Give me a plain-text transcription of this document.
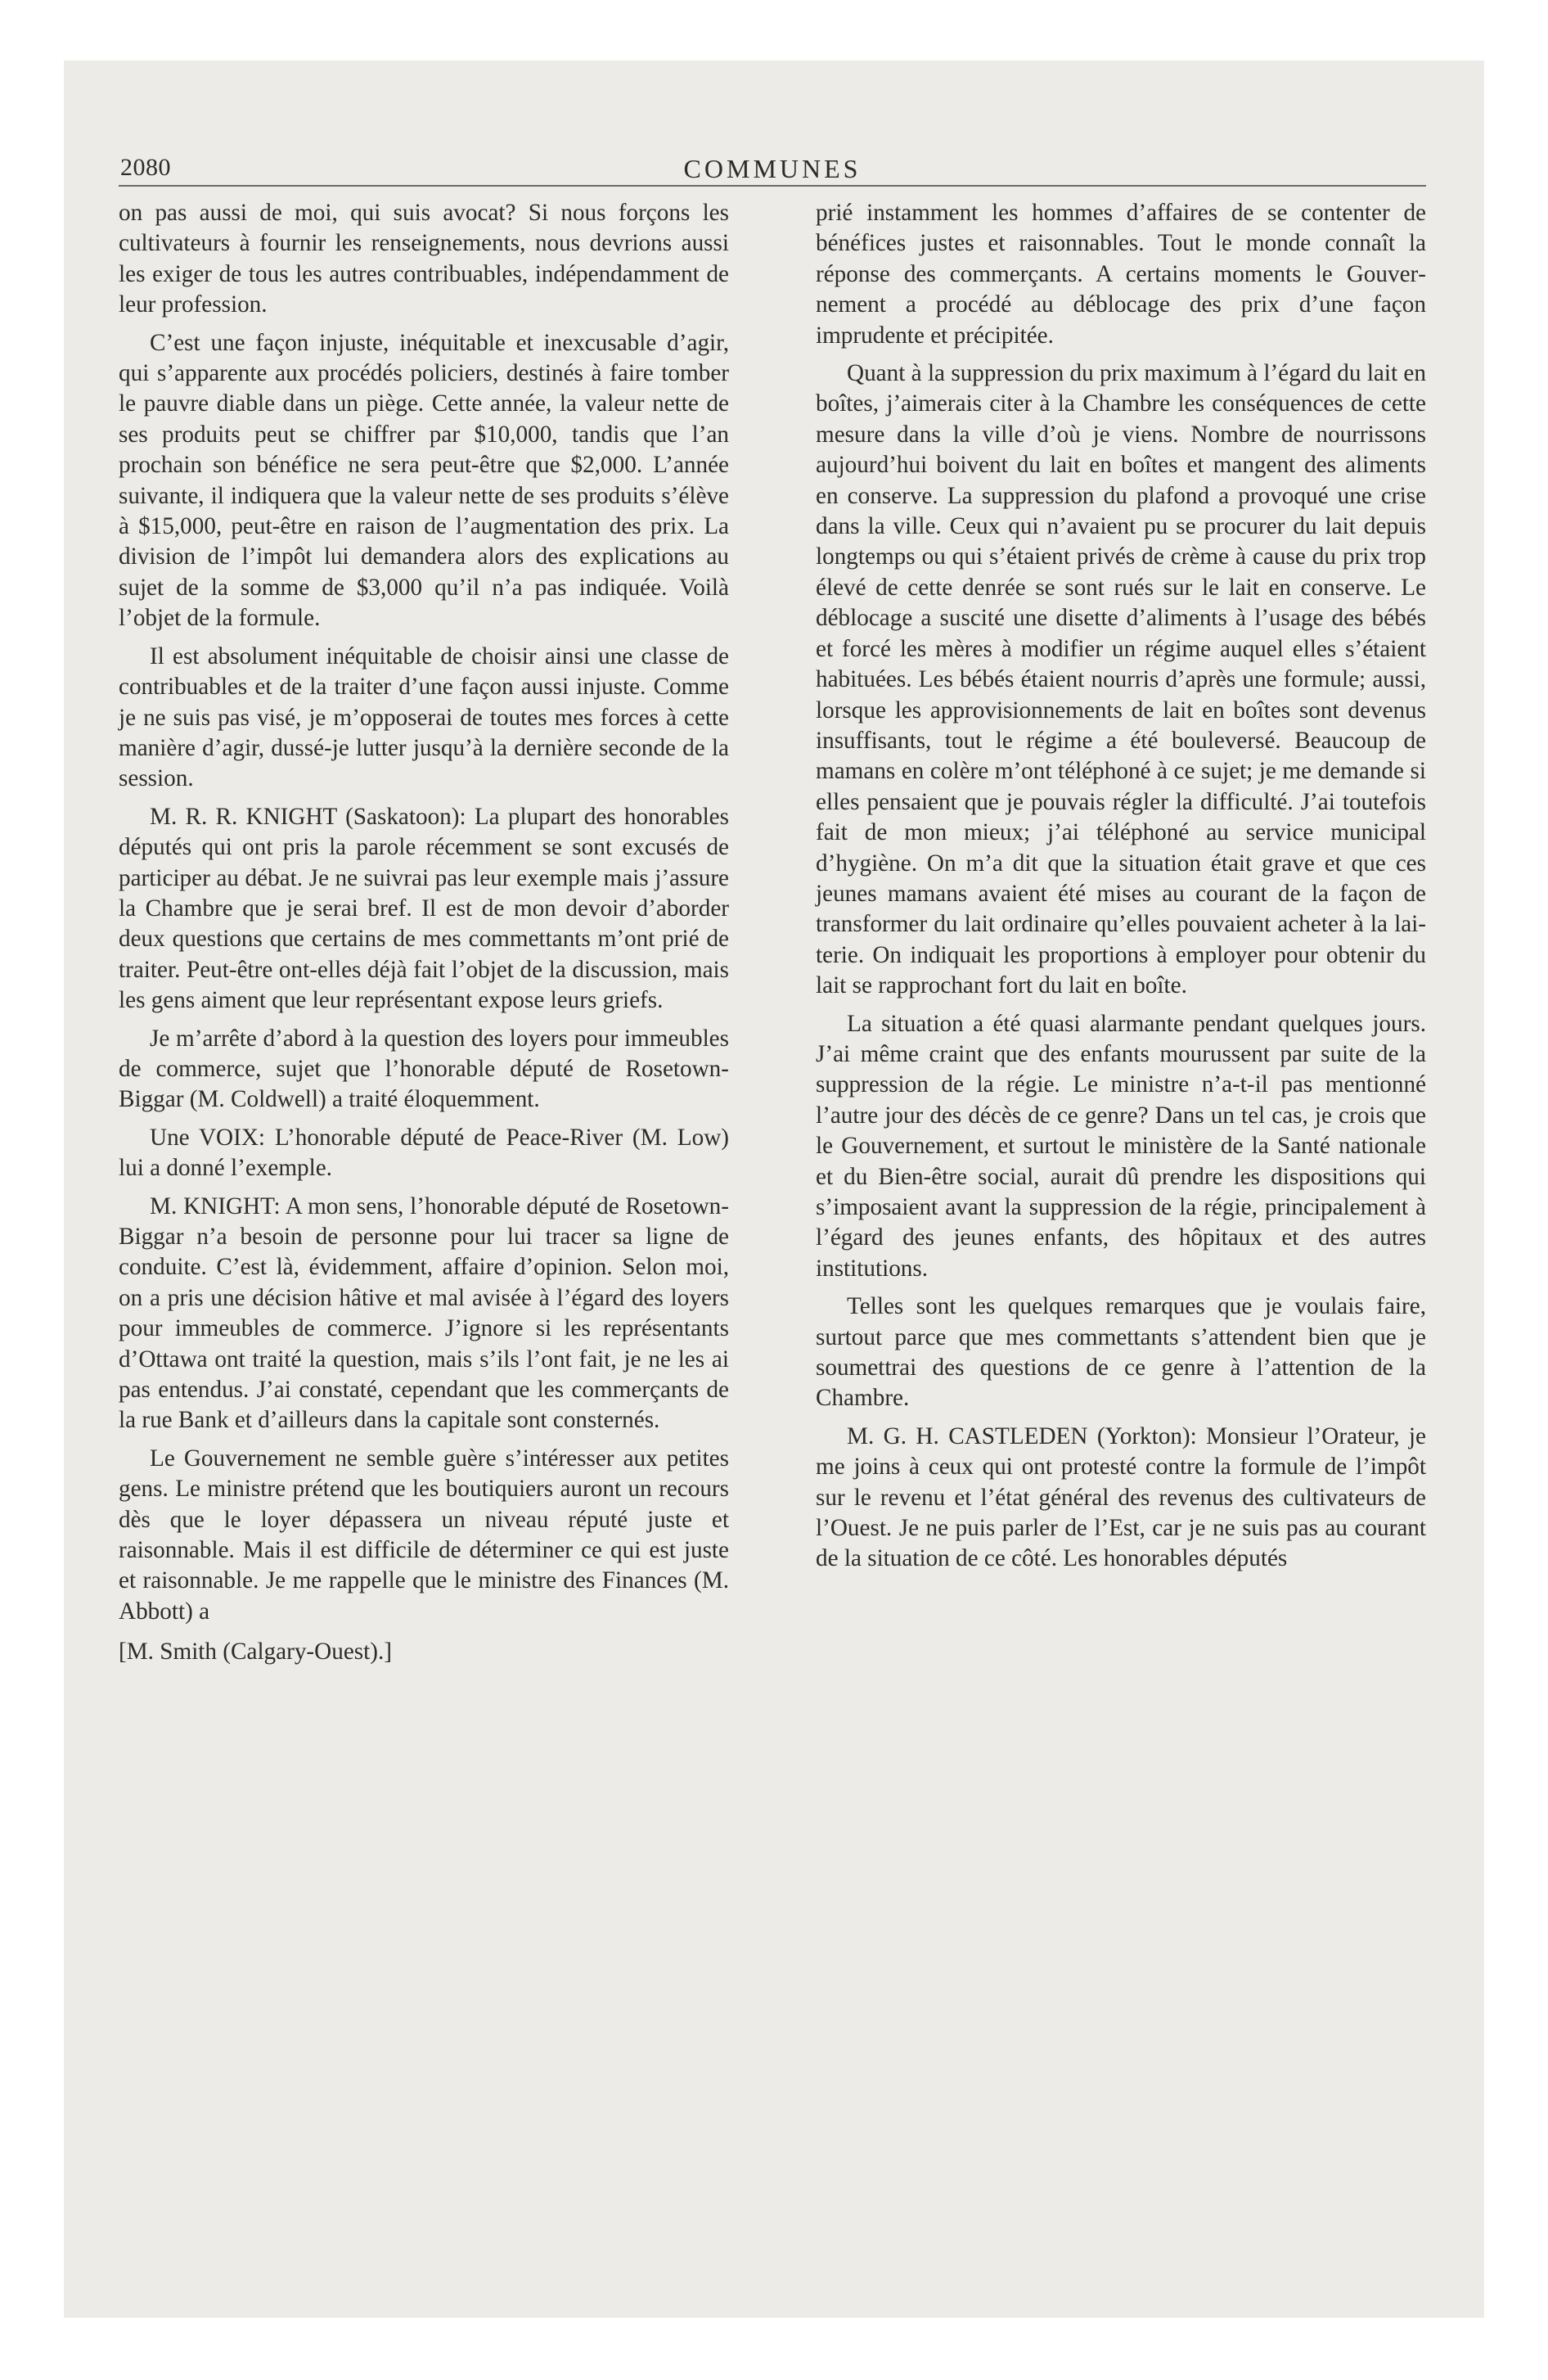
2080	COMMUNES

on pas aussi de moi, qui suis avocat? Si nous forçons les cultivateurs à fournir les renseignements, nous devrions aussi les exiger de tous les autres contribuables, indépendamment de leur profession.

C’est une façon injuste, inéquitable et inexcusable d’agir, qui s’apparente aux procédés policiers, destinés à faire tomber le pauvre diable dans un piège. Cette année, la valeur nette de ses produits peut se chiffrer par $10,000, tandis que l’an prochain son bénéfice ne sera peut-être que $2,000. L’année suivante, il indiquera que la valeur nette de ses produits s’élève à $15,000, peut-être en raison de l’augmentation des prix. La division de l’impôt lui demandera alors des explications au sujet de la somme de $3,000 qu’il n’a pas indiquée. Voilà l’objet de la formule.

Il est absolument inéquitable de choisir ainsi une classe de contribuables et de la traiter d’une façon aussi injuste. Comme je ne suis pas visé, je m’opposerai de toutes mes forces à cette manière d’agir, dussé-je lutter jusqu’à la dernière seconde de la session.

M. R. R. KNIGHT (Saskatoon): La plupart des honorables députés qui ont pris la parole récemment se sont excusés de participer au débat. Je ne suivrai pas leur exemple mais j’assure la Chambre que je serai bref. Il est de mon devoir d’aborder deux questions que certains de mes commettants m’ont prié de traiter. Peut-être ont-elles déjà fait l’objet de la discussion, mais les gens aiment que leur représentant expose leurs griefs.

Je m’arrête d’abord à la question des loyers pour immeubles de commerce, sujet que l’honorable député de Rosetown-Biggar (M. Coldwell) a traité éloquemment.

Une VOIX: L’honorable député de Peace-River (M. Low) lui a donné l’exemple.

M. KNIGHT: A mon sens, l’honorable député de Rosetown-Biggar n’a besoin de personne pour lui tracer sa ligne de conduite. C’est là, évidemment, affaire d’opinion. Selon moi, on a pris une décision hâtive et mal avisée à l’égard des loyers pour immeubles de commerce. J’ignore si les représentants d’Ottawa ont traité la question, mais s’ils l’ont fait, je ne les ai pas entendus. J’ai constaté, cependant que les commerçants de la rue Bank et d’ailleurs dans la capitale sont consternés.

Le Gouvernement ne semble guère s’intéresser aux petites gens. Le ministre prétend que les boutiquiers auront un recours dès que le loyer dépassera un niveau réputé juste et raisonnable. Mais il est difficile de déterminer ce qui est juste et raisonnable. Je me rappelle que le ministre des Finances (M. Abbott) a

[M. Smith (Calgary-Ouest).]

prié instamment les hommes d’affaires de se contenter de bénéfices justes et raisonnables. Tout le monde connaît la réponse des commerçants. A certains moments le Gouvernement a procédé au déblocage des prix d’une façon imprudente et précipitée.

Quant à la suppression du prix maximum à l’égard du lait en boîtes, j’aimerais citer à la Chambre les conséquences de cette mesure dans la ville d’où je viens. Nombre de nourrissons aujourd’hui boivent du lait en boîtes et mangent des aliments en conserve. La suppression du plafond a provoqué une crise dans la ville. Ceux qui n’avaient pu se procurer du lait depuis longtemps ou qui s’étaient privés de crème à cause du prix trop élevé de cette denrée se sont rués sur le lait en conserve. Le déblocage a suscité une disette d’aliments à l’usage des bébés et forcé les mères à modifier un régime auquel elles s’étaient habituées. Les bébés étaient nourris d’après une formule; aussi, lorsque les approvisionnements de lait en boîtes sont devenus insuffisants, tout le régime a été bouleversé. Beaucoup de mamans en colère m’ont téléphoné à ce sujet; je me demande si elles pensaient que je pouvais régler la difficulté. J’ai toutefois fait de mon mieux; j’ai téléphoné au service municipal d’hygiène. On m’a dit que la situation était grave et que ces jeunes mamans avaient été mises au courant de la façon de transformer du lait ordinaire qu’elles pouvaient acheter à la laiterie. On indiquait les proportions à employer pour obtenir du lait se rapprochant fort du lait en boîte.

La situation a été quasi alarmante pendant quelques jours. J’ai même craint que des enfants mourussent par suite de la suppression de la régie. Le ministre n’a-t-il pas mentionné l’autre jour des décès de ce genre? Dans un tel cas, je crois que le Gouvernement, et surtout le ministère de la Santé nationale et du Bien-être social, aurait dû prendre les dispositions qui s’imposaient avant la suppression de la régie, principalement à l’égard des jeunes enfants, des hôpitaux et des autres institutions.

Telles sont les quelques remarques que je voulais faire, surtout parce que mes commettants s’attendent bien que je soumettrai des questions de ce genre à l’attention de la Chambre.

M. G. H. CASTLEDEN (Yorkton): Monsieur l’Orateur, je me joins à ceux qui ont protesté contre la formule de l’impôt sur le revenu et l’état général des revenus des cultivateurs de l’Ouest. Je ne puis parler de l’Est, car je ne suis pas au courant de la situation de ce côté. Les honorables députés
